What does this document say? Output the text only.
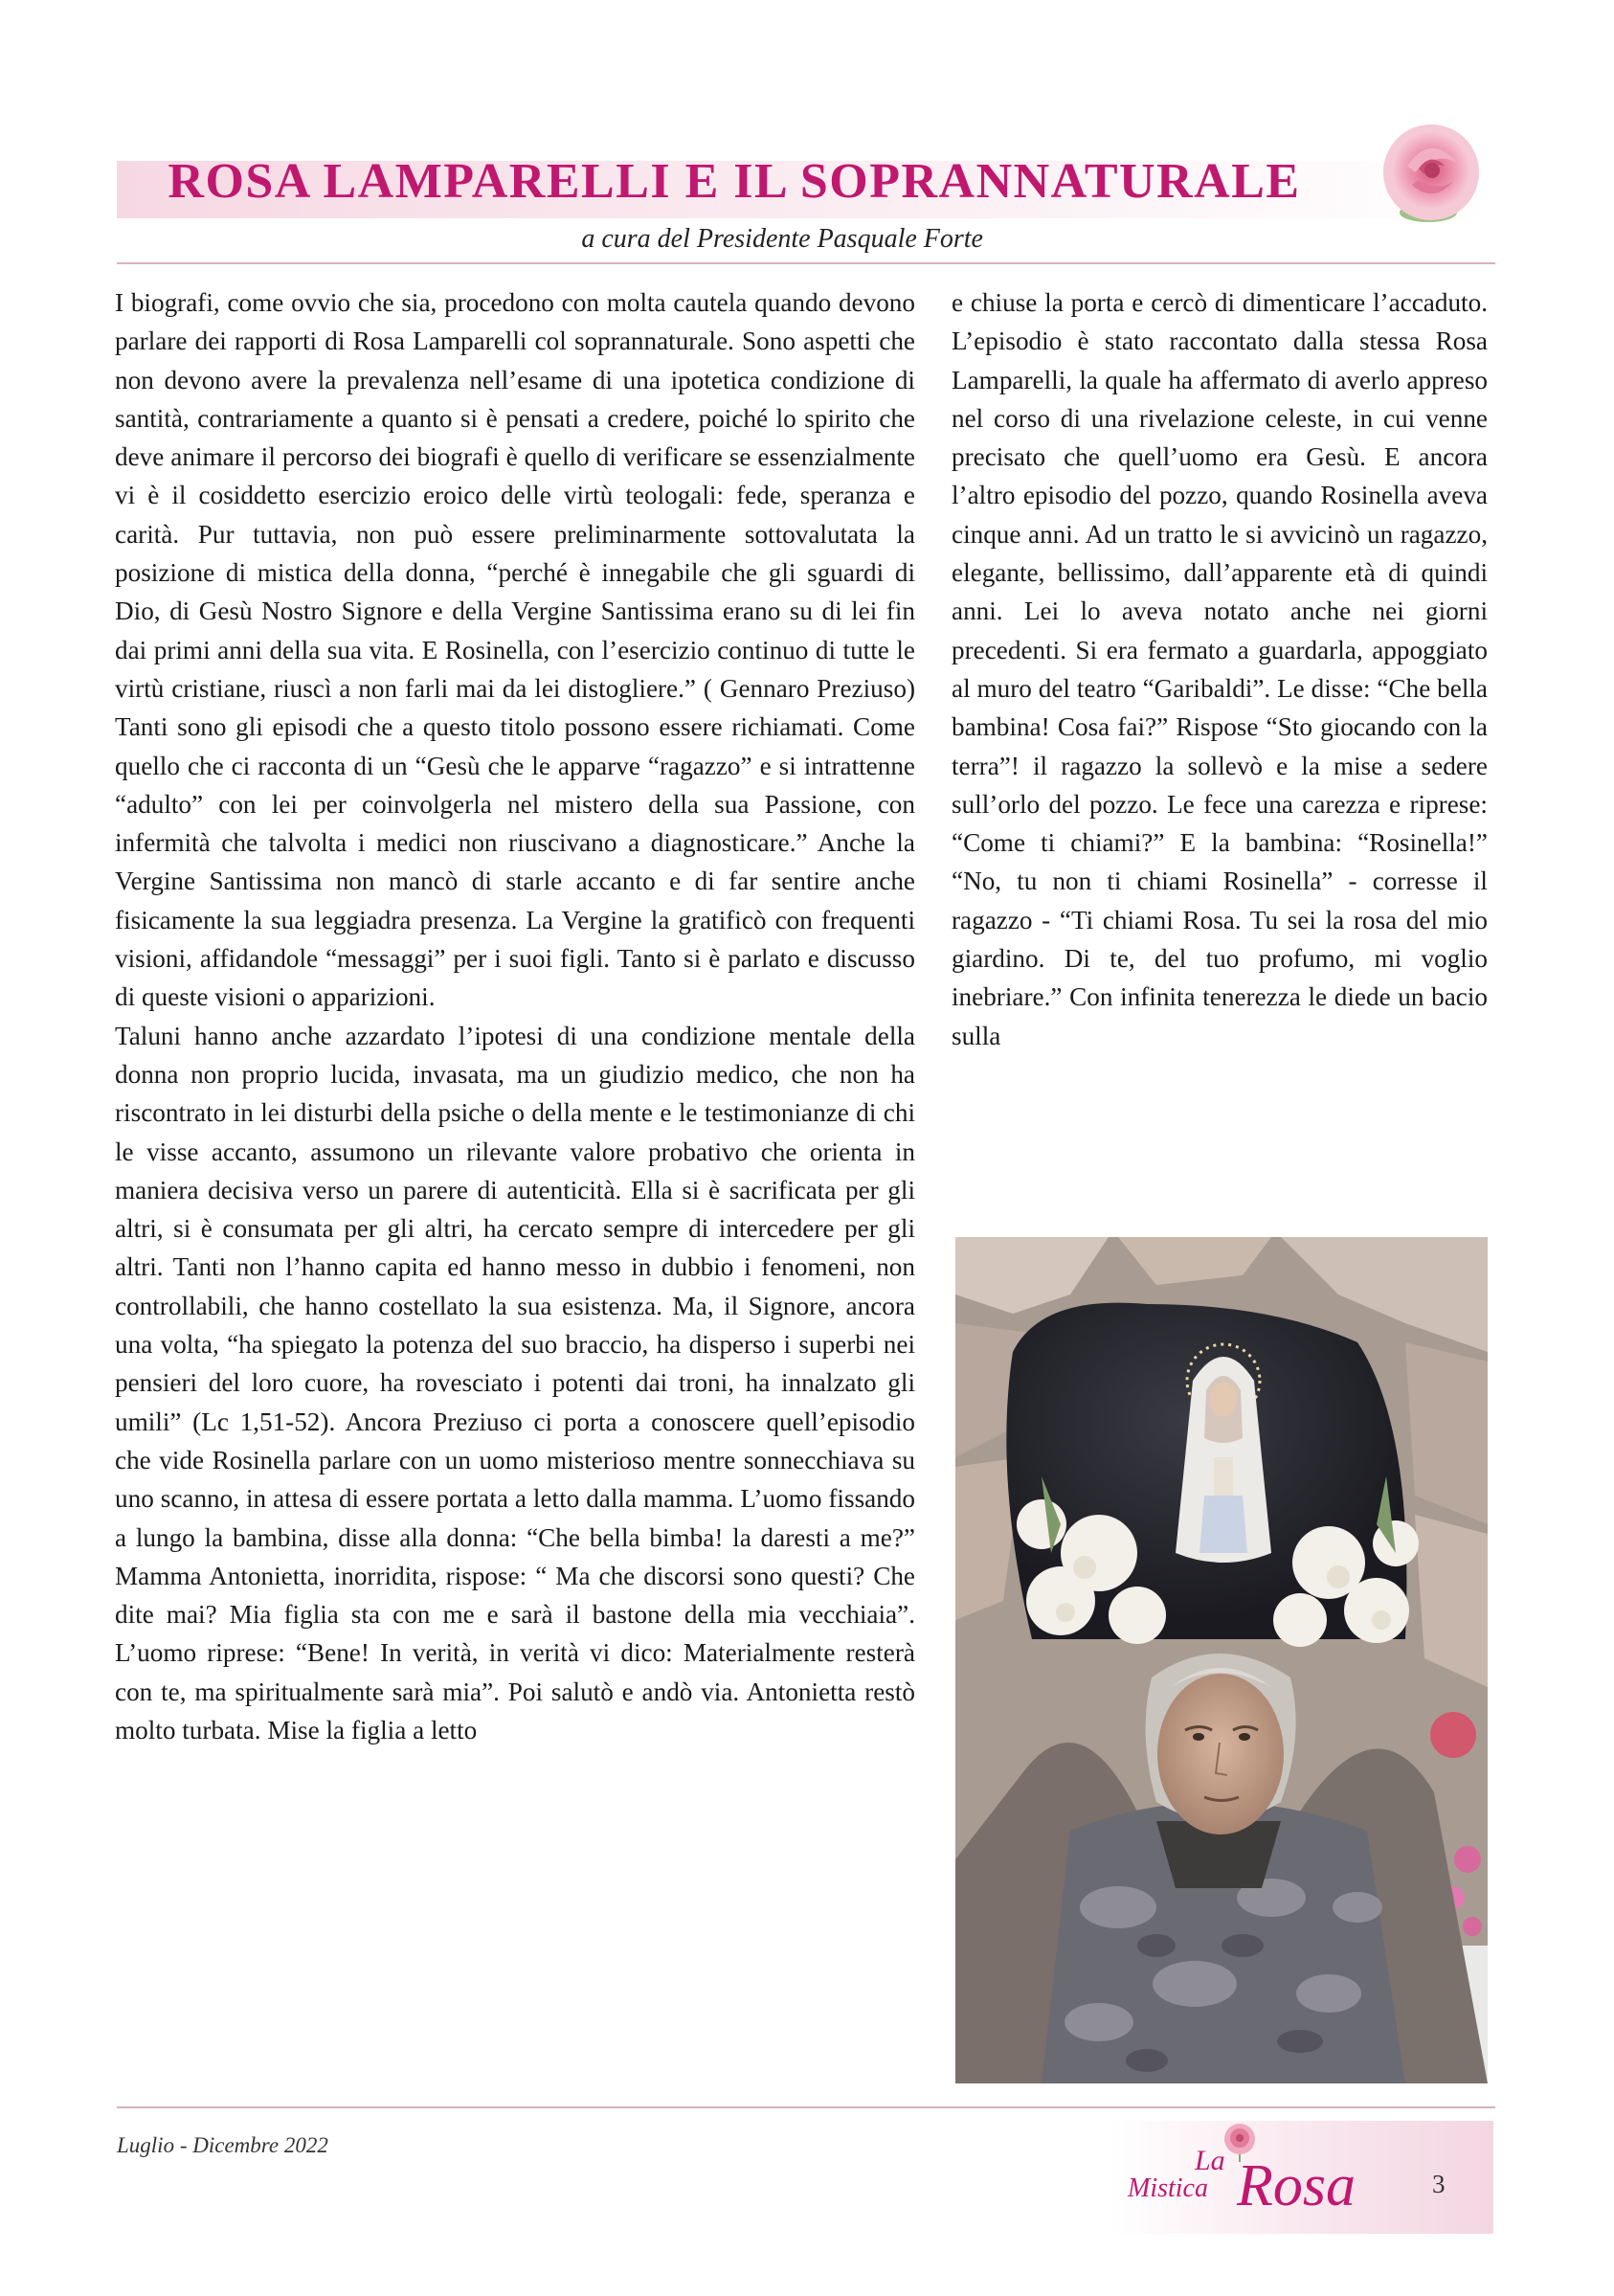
ROSA LAMPARELLI E IL SOPRANNATURALE
a cura del Presidente Pasquale Forte

I biografi, come ovvio che sia, procedono con molta cautela quando devono parlare dei rapporti di Rosa Lamparelli col soprannaturale. Sono aspetti che non devono avere la prevalenza nell’esame di una ipotetica condizione di santità, contrariamente a quanto si è pensati a credere, poiché lo spirito che deve animare il percorso dei biografi è quello di verificare se essenzialmente vi è il cosiddetto esercizio eroico delle virtù teologali: fede, speranza e carità. Pur tuttavia, non può essere preliminarmente sottovalutata la posizione di mistica della donna, “perché è innegabile che gli sguardi di Dio, di Gesù Nostro Signore e della Vergine Santissima erano su di lei fin dai primi anni della sua vita. E Rosinella, con l’esercizio continuo di tutte le virtù cristiane, riuscì a non farli mai da lei distogliere.” ( Gennaro Preziuso) Tanti sono gli episodi che a questo titolo possono essere richiamati. Come quello che ci racconta di un “Gesù che le apparve “ragazzo” e si intrattenne “adulto” con lei per coinvolgerla nel mistero della sua Passione, con infermità che talvolta i medici non riuscivano a diagnosticare.” Anche la Vergine Santissima non mancò di starle accanto e di far sentire anche fisicamente la sua leggiadra presenza. La Vergine la gratificò con frequenti visioni, affidandole “messaggi” per i suoi figli. Tanto si è parlato e discusso di queste visioni o apparizioni.

Taluni hanno anche azzardato l’ipotesi di una condizione mentale della donna non proprio lucida, invasata, ma un giudizio medico, che non ha riscontrato in lei disturbi della psiche o della mente e le testimonianze di chi le visse accanto, assumono un rilevante valore probativo che orienta in maniera decisiva verso un parere di autenticità. Ella si è sacrificata per gli altri, si è consumata per gli altri, ha cercato sempre di intercedere per gli altri. Tanti non l’hanno capita ed hanno messo in dubbio i fenomeni, non controllabili, che hanno costellato la sua esistenza. Ma, il Signore, ancora una volta, “ha spiegato la potenza del suo braccio, ha disperso i superbi nei pensieri del loro cuore, ha rovesciato i potenti dai troni, ha innalzato gli umili” (Lc 1,51-52). Ancora Preziuso ci porta a conoscere quell’episodio che vide Rosinella parlare con un uomo misterioso mentre sonnecchiava su uno scanno, in attesa di essere portata a letto dalla mamma. L’uomo fissando a lungo la bambina, disse alla donna: “Che bella bimba! la daresti a me?” Mamma Antonietta, inorridita, rispose: “ Ma che discorsi sono questi? Che dite mai? Mia figlia sta con me e sarà il bastone della mia vecchiaia”. L’uomo riprese: “Bene! In verità, in verità vi dico: Materialmente resterà con te, ma spiritualmente sarà mia”. Poi salutò e andò via. Antonietta restò molto turbata. Mise la figlia a letto

e chiuse la porta e cercò di dimenticare l’accaduto. L’episodio è stato raccontato dalla stessa Rosa Lamparelli, la quale ha affermato di averlo appreso nel corso di una rivelazione celeste, in cui venne precisato che quell’uomo era Gesù. E ancora l’altro episodio del pozzo, quando Rosinella aveva cinque anni. Ad un tratto le si avvicinò un ragazzo, elegante, bellissimo, dall’apparente età di quindi anni. Lei lo aveva notato anche nei giorni precedenti. Si era fermato a guardarla, appoggiato al muro del teatro “Garibaldi”. Le disse: “Che bella bambina! Cosa fai?” Rispose “Sto giocando con la terra”! il ragazzo la sollevò e la mise a sedere sull’orlo del pozzo. Le fece una carezza e riprese: “Come ti chiami?” E la bambina: “Rosinella!” “No, tu non ti chiami Rosinella” - corresse il ragazzo - “Ti chiami Rosa. Tu sei la rosa del mio giardino. Di te, del tuo profumo, mi voglio inebriare.” Con infinita tenerezza le diede un bacio sulla

Luglio - Dicembre 2022	La
Mistica Rosa	3
